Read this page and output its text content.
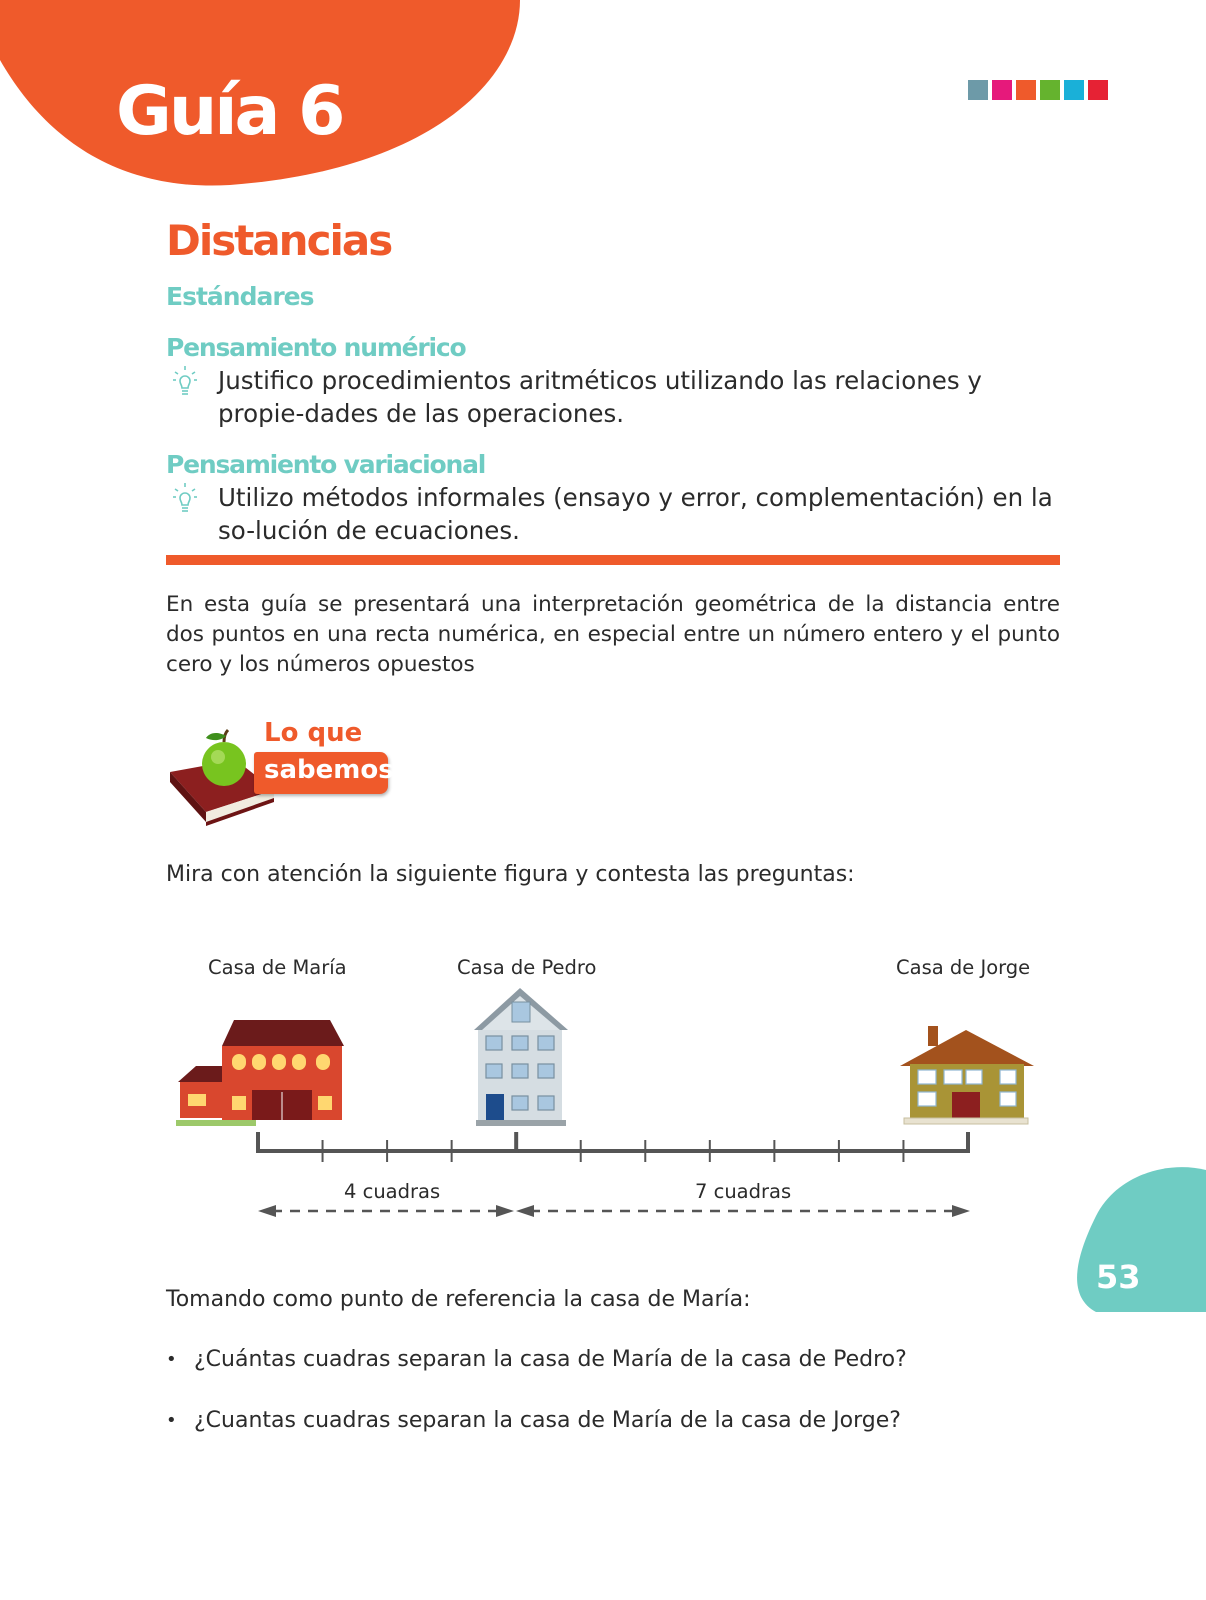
Guía 6
Distancias
Estándares
Pensamiento numérico

Justifico procedimientos aritméticos utilizando las relaciones y propie-dades de las operaciones.

Pensamiento variacional

Utilizo métodos informales (ensayo y error, complementación) en la so-lución de ecuaciones.

En esta guía se presentará una interpretación geométrica de la distancia entre dos puntos en una recta numérica, en especial entre un número entero y el punto cero y los números opuestos

Lo que
sabemos

Mira con atención la siguiente figura y contesta las preguntas:

Casa de María	Casa de Pedro	Casa de Jorge
4 cuadras	7 cuadras
53

Tomando como punto de referencia la casa de María:

• ¿Cuántas cuadras separan la casa de María de la casa de Pedro?
• ¿Cuantas cuadras separan la casa de María de la casa de Jorge?
